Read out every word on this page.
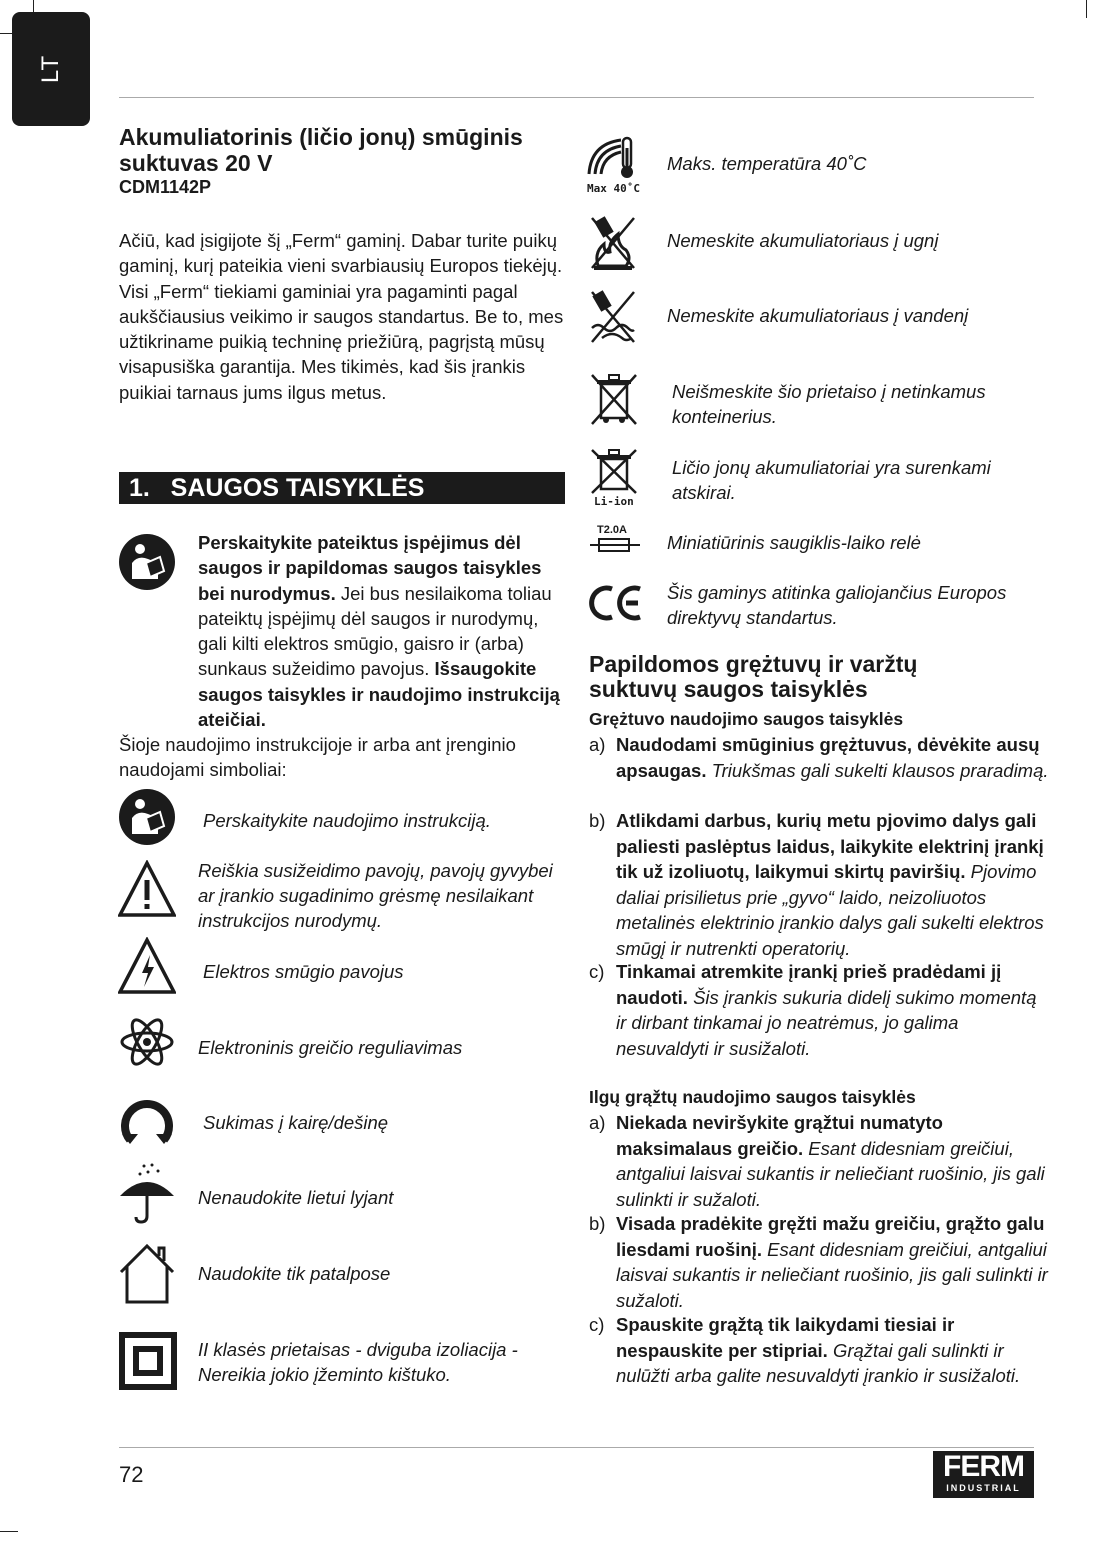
LT
Akumuliatorinis (ličio jonų) smūginis suktuvas 20 V
CDM1142P
Ačiū, kad įsigijote šį „Ferm“ gaminį. Dabar turite puikų gaminį, kurį pateikia vieni svarbiausių Europos tiekėjų. Visi „Ferm“ tiekiami gaminiai yra pagaminti pagal aukščiausius veikimo ir saugos standartus. Be to, mes užtikriname puikią techninę priežiūrą, pagrįstą mūsų visapusiška garantija. Mes tikimės, kad šis įrankis puikiai tarnaus jums ilgus metus.
1.   SAUGOS TAISYKLĖS
Perskaitykite pateiktus įspėjimus dėl saugos ir papildomas saugos taisykles bei nurodymus. Jei bus nesilaikoma toliau pateiktų įspėjimų dėl saugos ir nurodymų, gali kilti elektros smūgio, gaisro ir (arba) sunkaus sužeidimo pavojus. Išsaugokite saugos taisykles ir naudojimo instrukciją ateičiai.
Šioje naudojimo instrukcijoje ir arba ant įrenginio naudojami simboliai:
Perskaitykite naudojimo instrukciją.
Reiškia susižeidimo pavojų, pavojų gyvybei ar įrankio sugadinimo grėsmę nesilaikant instrukcijos nurodymų.
Elektros smūgio pavojus
Elektroninis greičio reguliavimas
Sukimas į kairę/dešinę
Nenaudokite lietui lyjant
Naudokite tik patalpose
II klasės prietaisas - dviguba izoliacija - Nereikia jokio įžeminto kištuko.
Max 40˚C
Maks. temperatūra 40˚C
Nemeskite akumuliatoriaus į ugnį
Nemeskite akumuliatoriaus į vandenį
Neišmeskite šio prietaiso į netinkamus konteinerius.
Li-ion
Ličio jonų akumuliatoriai yra surenkami atskirai.
T2.0A
Miniatiūrinis saugiklis-laiko relė
Šis gaminys atitinka galiojančius Europos direktyvų standartus.
Papildomos grężtuvų ir varžtų suktuvų saugos taisyklės
Grężtuvo naudojimo saugos taisyklės
a) Naudodami smūginius grężtuvus, dėvėkite ausų apsaugas. Triukšmas gali sukelti klausos praradimą.
b) Atlikdami darbus, kurių metu pjovimo dalys gali paliesti paslėptus laidus, laikykite elektrinį įrankį tik už izoliuotų, laikymui skirtų paviršių. Pjovimo daliai prisilietus prie „gyvo“ laido, neizoliuotos metalinės elektrinio įrankio dalys gali sukelti elektros smūgį ir nutrenkti operatorių.
c) Tinkamai atremkite įrankį prieš pradėdami jį naudoti. Šis įrankis sukuria didelį sukimo momentą ir dirbant tinkamai jo neatrėmus, jo galima nesuvaldyti ir susižaloti.
Ilgų grąžtų naudojimo saugos taisyklės
a) Niekada neviršykite grąžtui numatyto maksimalaus greičio. Esant didesniam greičiui, antgaliui laisvai sukantis ir neliečiant ruošinio, jis gali sulinkti ir sužaloti.
b) Visada pradėkite gręžti mažu greičiu, grąžto galu liesdami ruošinį. Esant didesniam greičiui, antgaliui laisvai sukantis ir neliečiant ruošinio, jis gali sulinkti ir sužaloti.
c) Spauskite grąžtą tik laikydami tiesiai ir nespauskite per stipriai. Grąžtai gali sulinkti ir nulūžti arba galite nesuvaldyti įrankio ir susižaloti.
72	FERM
INDUSTRIAL
